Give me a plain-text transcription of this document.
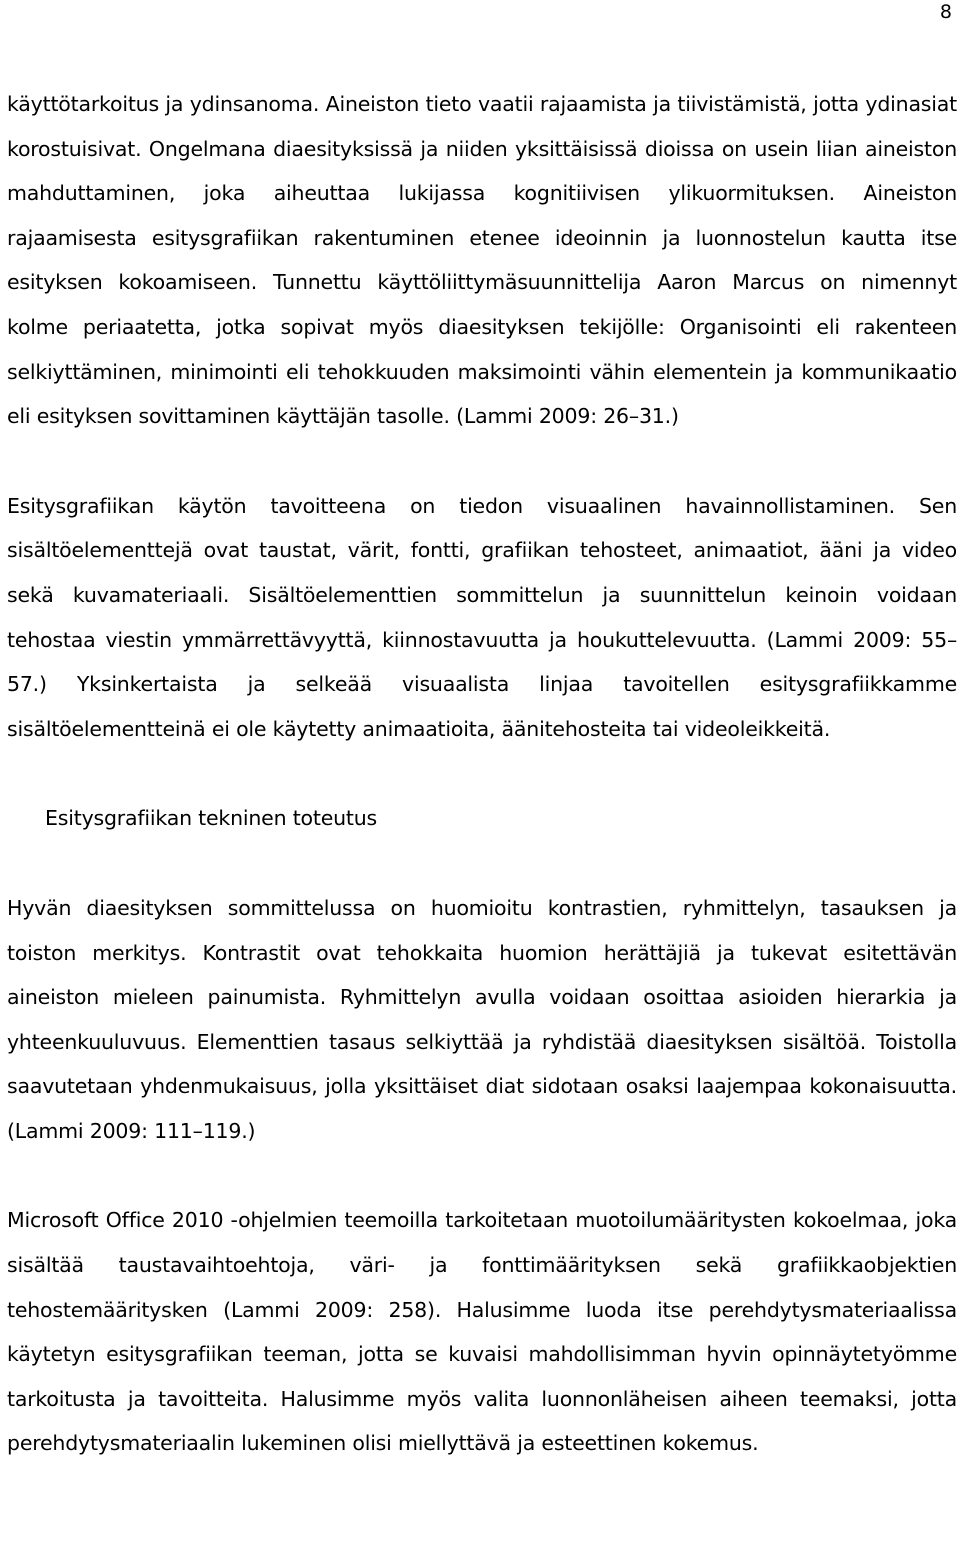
8

käyttötarkoitus ja ydinsanoma. Aineiston tieto vaatii rajaamista ja tiivistämistä, jotta ydinasiat korostuisivat. Ongelmana diaesityksissä ja niiden yksittäisissä dioissa on usein liian aineiston mahduttaminen, joka aiheuttaa lukijassa kognitiivisen ylikuormituksen. Aineiston rajaamisesta esitysgrafiikan rakentuminen etenee ideoinnin ja luonnostelun kautta itse esityksen kokoamiseen. Tunnettu käyttöliittymäsuunnittelija Aaron Marcus on nimennyt kolme periaatetta, jotka sopivat myös diaesityksen tekijölle: Organisointi eli rakenteen selkiyttäminen, minimointi eli tehokkuuden maksimointi vähin elementein ja kommunikaatio eli esityksen sovittaminen käyttäjän tasolle. (Lammi 2009: 26–31.)

Esitysgrafiikan käytön tavoitteena on tiedon visuaalinen havainnollistaminen. Sen sisältöelementtejä ovat taustat, värit, fontti, grafiikan tehosteet, animaatiot, ääni ja video sekä kuvamateriaali. Sisältöelementtien sommittelun ja suunnittelun keinoin voidaan tehostaa viestin ymmärrettävyyttä, kiinnostavuutta ja houkuttelevuutta. (Lammi 2009: 55–57.) Yksinkertaista ja selkeää visuaalista linjaa tavoitellen esitysgrafiikkamme sisältöelementteinä ei ole käytetty animaatioita, äänitehosteita tai videoleikkeitä.

Esitysgrafiikan tekninen toteutus

Hyvän diaesityksen sommittelussa on huomioitu kontrastien, ryhmittelyn, tasauksen ja toiston merkitys. Kontrastit ovat tehokkaita huomion herättäjiä ja tukevat esitettävän aineiston mieleen painumista. Ryhmittelyn avulla voidaan osoittaa asioiden hierarkia ja yhteenkuuluvuus. Elementtien tasaus selkiyttää ja ryhdistää diaesityksen sisältöä. Toistolla saavutetaan yhdenmukaisuus, jolla yksittäiset diat sidotaan osaksi laajempaa kokonaisuutta. (Lammi 2009: 111–119.)

Microsoft Office 2010 -ohjelmien teemoilla tarkoitetaan muotoilumääritysten kokoelmaa, joka sisältää taustavaihtoehtoja, väri- ja fonttimäärityksen sekä grafiikkaobjektien tehostemääritysken (Lammi 2009: 258). Halusimme luoda itse perehdytysmateriaalissa käytetyn esitysgrafiikan teeman, jotta se kuvaisi mahdollisimman hyvin opinnäytetyömme tarkoitusta ja tavoitteita. Halusimme myös valita luonnonläheisen aiheen teemaksi, jotta perehdytysmateriaalin lukeminen olisi miellyttävä ja esteettinen kokemus.
